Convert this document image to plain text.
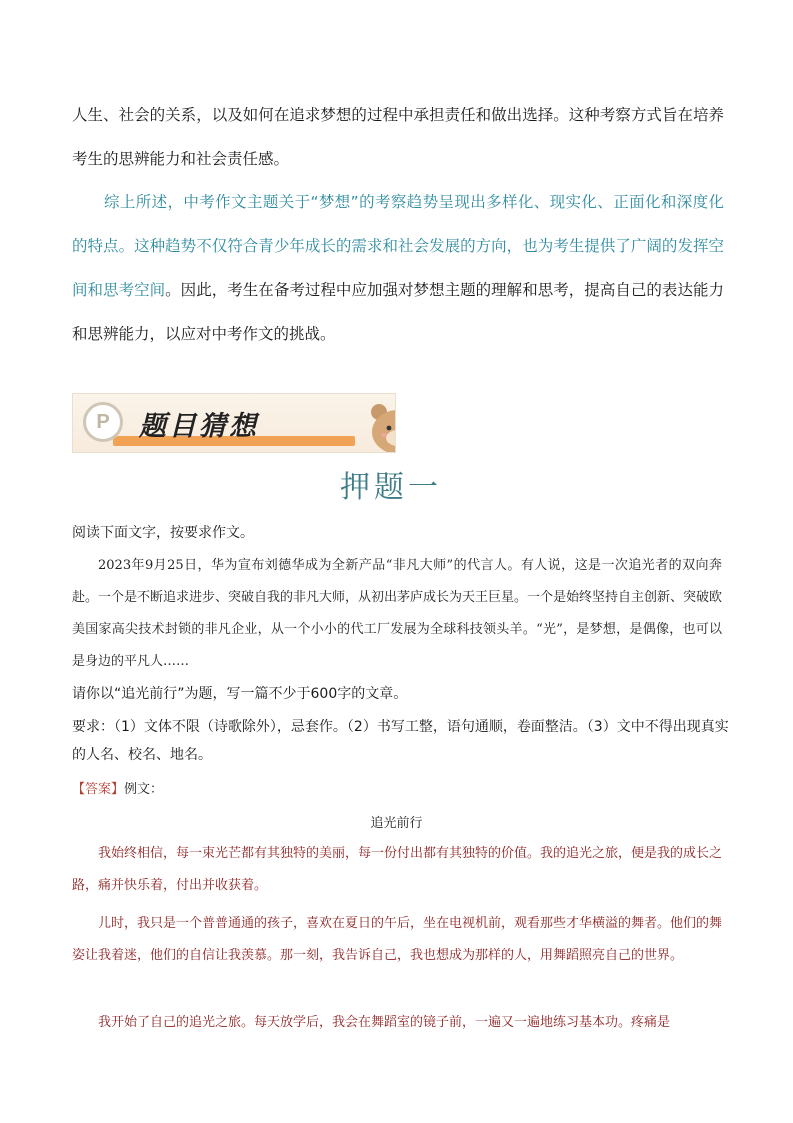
人生、社会的关系，以及如何在追求梦想的过程中承担责任和做出选择。这种考察方式旨在培养考生的思辨能力和社会责任感。

综上所述，中考作文主题关于“梦想”的考察趋势呈现出多样化、现实化、正面化和深度化的特点。这种趋势不仅符合青少年成长的需求和社会发展的方向，也为考生提供了广阔的发挥空间和思考空间。因此，考生在备考过程中应加强对梦想主题的理解和思考，提高自己的表达能力和思辨能力，以应对中考作文的挑战。

P	题目猜想
押题一

阅读下面文字，按要求作文。

2023年9月25日，华为宣布刘德华成为全新产品“非凡大师”的代言人。有人说，这是一次追光者的双向奔赴。一个是不断追求进步、突破自我的非凡大师，从初出茅庐成长为天王巨星。一个是始终坚持自主创新、突破欧美国家高尖技术封锁的非凡企业，从一个小小的代工厂发展为全球科技领头羊。“光”，是梦想，是偶像，也可以是身边的平凡人……

请你以“追光前行”为题，写一篇不少于600字的文章。

要求：（1）文体不限（诗歌除外），忌套作。（2）书写工整，语句通顺，卷面整洁。（3）文中不得出现真实的人名、校名、地名。

【答案】例文：
追光前行

我始终相信，每一束光芒都有其独特的美丽，每一份付出都有其独特的价值。我的追光之旅，便是我的成长之路，痛并快乐着，付出并收获着。

儿时，我只是一个普普通通的孩子，喜欢在夏日的午后，坐在电视机前，观看那些才华横溢的舞者。他们的舞姿让我着迷，他们的自信让我羡慕。那一刻，我告诉自己，我也想成为那样的人，用舞蹈照亮自己的世界。

我开始了自己的追光之旅。每天放学后，我会在舞蹈室的镜子前，一遍又一遍地练习基本功。疼痛是
